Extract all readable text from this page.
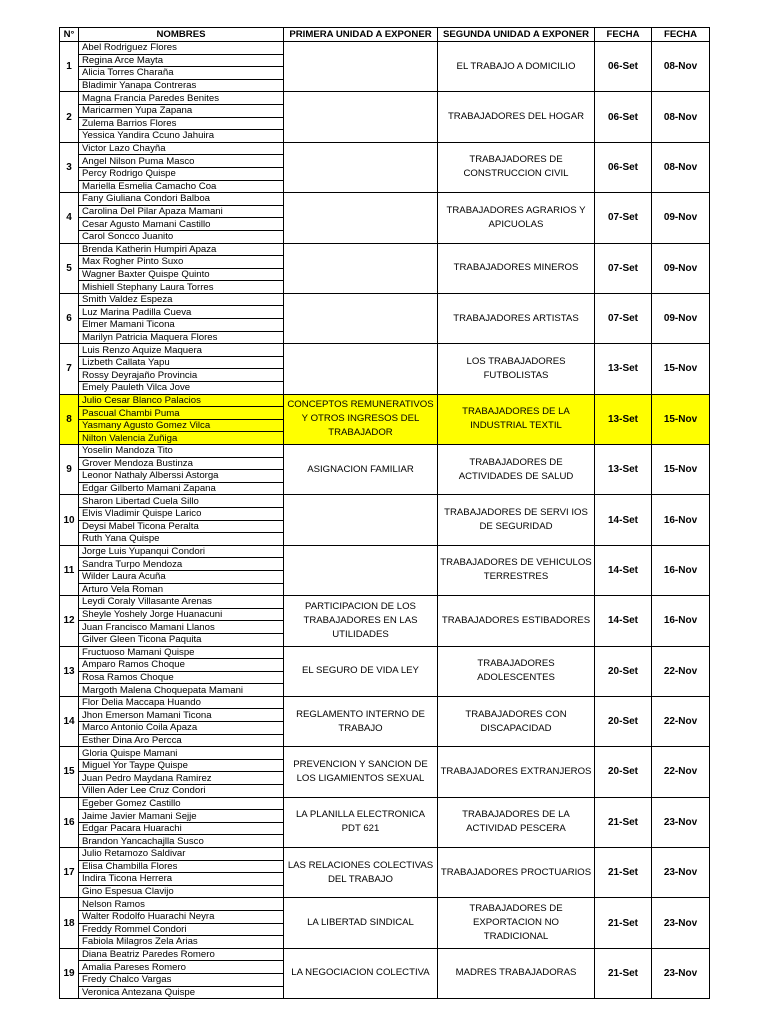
N°	NOMBRES	PRIMERA UNIDAD A EXPONER	SEGUNDA UNIDAD A EXPONER	FECHA	FECHA
1	Abel Rodriguez Flores		EL TRABAJO A DOMICILIO	06-Set	08-Nov
	Regina Arce Mayta				
	Alicia Torres Charaña				
	Bladimir Yanapa Contreras				
2	Magna Francia Paredes Benites		TRABAJADORES DEL HOGAR	06-Set	08-Nov
	Maricarmen Yupa Zapana				
	Zulema Barrios Flores				
	Yessica Yandira Ccuno Jahuira				
3	Victor Lazo Chayña		TRABAJADORES DE CONSTRUCCION CIVIL	06-Set	08-Nov
	Angel Nilson Puma Masco				
	Percy Rodrigo Quispe				
	Mariella Esmelia Camacho Coa				
4	Fany Giuliana Condori Balboa		TRABAJADORES AGRARIOS Y APICUOLAS	07-Set	09-Nov
	Carolina Del Pilar Apaza Mamani				
	Cesar Agusto Mamani Castillo				
	Carol Soncco Juanito				
5	Brenda Katherin Humpiri Apaza		TRABAJADORES MINEROS	07-Set	09-Nov
	Max Rogher Pinto Suxo				
	Wagner Baxter Quispe Quinto				
	Mishiell Stephany Laura Torres				
6	Smith Valdez Espeza		TRABAJADORES ARTISTAS	07-Set	09-Nov
	Luz Marina Padilla Cueva				
	Elmer Mamani Ticona				
	Marilyn Patricia Maquera Flores				
7	Luis Renzo Aquize Maquera		LOS TRABAJADORES FUTBOLISTAS	13-Set	15-Nov
	Lizbeth Callata Yapu				
	Rossy Deyrajaño Provincia				
	Emely Pauleth Vilca Jove				
8	Julio Cesar Blanco Palacios	CONCEPTOS REMUNERATIVOS Y OTROS INGRESOS DEL TRABAJADOR	TRABAJADORES DE LA INDUSTRIAL TEXTIL	13-Set	15-Nov
	Pascual Chambi Puma				
	Yasmany Agusto Gomez Vilca				
	Nilton Valencia Zuñiga				
9	Yoselin Mandoza Tito	ASIGNACION FAMILIAR	TRABAJADORES DE ACTIVIDADES DE SALUD	13-Set	15-Nov
	Grover Mendoza Bustinza				
	Leonor Nathaly Alberssi Astorga				
	Edgar Gilberto Mamani Zapana				
10	Sharon Libertad Cuela Sillo		TRABAJADORES DE SERVI IOS DE SEGURIDAD	14-Set	16-Nov
	Elvis Vladimir Quispe Larico				
	Deysi Mabel Ticona Peralta				
	Ruth Yana Quispe				
11	Jorge Luis Yupanqui Condori		TRABAJADORES DE VEHICULOS TERRESTRES	14-Set	16-Nov
	Sandra Turpo Mendoza				
	Wilder Laura Acuña				
	Arturo Vela Roman				
12	Leydi Coraly Villasante Arenas	PARTICIPACION DE LOS TRABAJADORES EN LAS UTILIDADES	TRABAJADORES ESTIBADORES	14-Set	16-Nov
	Sheyle Yoshely Jorge Huanacuni				
	Juan Francisco Mamani Llanos				
	Gilver Gleen Ticona Paquita				
13	Fructuoso Mamani Quispe	EL SEGURO DE VIDA LEY	TRABAJADORES ADOLESCENTES	20-Set	22-Nov
	Amparo Ramos Choque				
	Rosa Ramos Choque				
	Margoth Malena Choquepata Mamani				
14	Flor Delia Maccapa Huando	REGLAMENTO INTERNO DE TRABAJO	TRABAJADORES CON DISCAPACIDAD	20-Set	22-Nov
	Jhon Emerson Mamani Ticona				
	Marco Antonio Coila Apaza				
	Esther Dina Aro Percca				
15	Gloria Quispe Mamani	PREVENCION Y SANCION DE LOS LIGAMIENTOS SEXUAL	TRABAJADORES EXTRANJEROS	20-Set	22-Nov
	Miguel Yor Taype Quispe				
	Juan Pedro Maydana Ramirez				
	Villen Ader Lee Cruz Condori				
16	Egeber Gomez Castillo	LA PLANILLA ELECTRONICA PDT 621	TRABAJADORES DE LA ACTIVIDAD PESCERA	21-Set	23-Nov
	Jaime Javier Mamani Sejje				
	Edgar Pacara Huarachi				
	Brandon Yancachajlla Susco				
17	Julio Retamozo Saldivar	LAS RELACIONES COLECTIVAS DEL TRABAJO	TRABAJADORES PROCTUARIOS	21-Set	23-Nov
	Elisa Chambilla Flores				
	Indira Ticona Herrera				
	Gino Espesua Clavijo				
18	Nelson Ramos	LA LIBERTAD SINDICAL	TRABAJADORES DE EXPORTACION NO TRADICIONAL	21-Set	23-Nov
	Walter Rodolfo Huarachi Neyra				
	Freddy Rommel Condori				
	Fabiola Milagros Zela Arias				
19	Diana Beatriz Paredes Romero	LA NEGOCIACION COLECTIVA	MADRES TRABAJADORAS	21-Set	23-Nov
	Amalia Pareses Romero				
	Fredy Chalco Vargas				
	Veronica Antezana Quispe				
